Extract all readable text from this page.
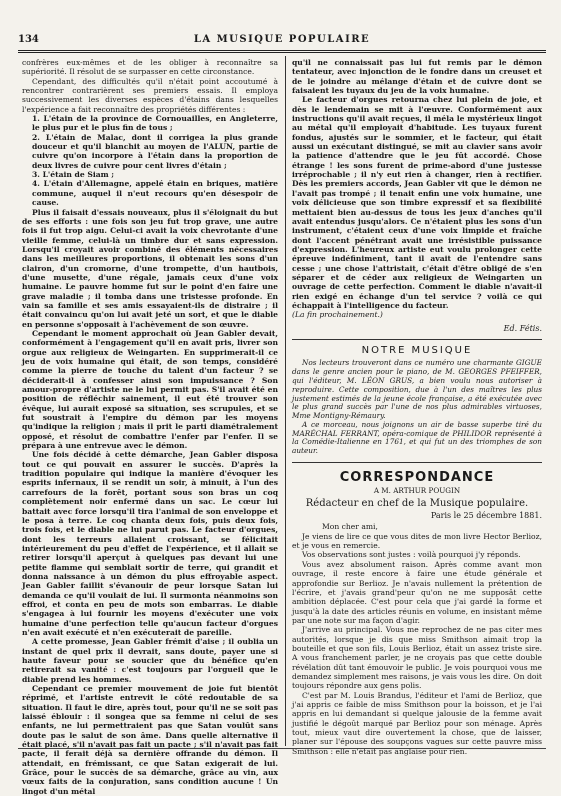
134	LA MUSIQUE POPULAIRE

confrères eux-mêmes et de les obliger à reconnaître sa supériorité. Il résolut de se surpasser en cette circonstance.

Cependant, des difficultés qu'il n'était point accoutumé à rencontrer contrarièrent ses premiers essais. Il employa successivement les diverses espèces d'étains dans lesquelles l'expérience a fait reconnaître des propriétés différentes :

1. L'étain de la province de Cornouailles, en Angleterre, le plus pur et le plus fin de tous ;

2. L'étain de Malac, dont il corrigea la plus grande douceur et qu'il blanchit au moyen de l'ALUN, partie de cuivre qu'on incorpore à l'étain dans la proportion de deux livres de cuivre pour cent livres d'étain ;

3. L'étain de Siam ;

4. L'étain d'Allemagne, appelé étain en briques, matière commune, auquel il n'eut recours qu'en désespoir de cause.

Plus il faisait d'essais nouveaux, plus il s'éloignait du but de ses efforts : une fois son jeu fut trop grave, une autre fois il fut trop aigu. Celui-ci avait la voix chevrotante d'une vieille femme, celui-là un timbre dur et sans expression. Lorsqu'il croyait avoir combiné des éléments nécessaires dans les meilleures proportions, il obtenait les sons d'un clairon, d'un cromorne, d'une trompette, d'un hautbois, d'une musette, d'une régale, jamais ceux d'une voix humaine. Le pauvre homme fut sur le point d'en faire une grave maladie ; il tomba dans une tristesse profonde. En vain sa famille et ses amis essayaient-ils de distraire ; il était convaincu qu'on lui avait jeté un sort, et que le diable en personne s'opposait à l'achèvement de son œuvre.

Cependant le moment approchait où Jean Gabler devait, conformément à l'engagement qu'il en avait pris, livrer son orgue aux religieux de Weingarten. En supprimerait-il ce jeu de voix humaine qui était, de son temps, considéré comme la pierre de touche du talent d'un facteur ? se déciderait-il à confesser ainsi son impuissance ? Son amour-propre d'artiste ne le lui permit pas. S'il avait été en position de réfléchir sainement, il eut été trouver son évêque, lui aurait exposé sa situation, ses scrupules, et se fut soustrait à l'empire du démon par les moyens qu'indique la religion ; mais il prit le parti diamétralement opposé, et résolut de combattre l'enfer par l'enfer. Il se prépara à une entrevue avec le démon.

Une fois décidé à cette démarche, Jean Gabler disposa tout ce qui pouvait en assurer le succès. D'après la tradition populaire qui indique la manière d'évoquer les esprits infernaux, il se rendit un soir, à minuit, à l'un des carrefours de la forêt, portant sous son bras un coq complètement noir enfermé dans un sac. Le cœur lui battait avec force lorsqu'il tira l'animal de son enveloppe et le posa à terre. Le coq chanta deux fois, puis deux fois, trois fois, et le diable ne lui parut pas. Le facteur d'orgues, dont les terreurs allaient croissant, se félicitait intérieurement du peu d'effet de l'expérience, et il allait se retirer lorsqu'il aperçut à quelques pas devant lui une petite flamme qui semblait sortir de terre, qui grandit et donna naissance à un démon du plus effroyable aspect. Jean Gabler faillit s'évanouir de peur lorsque Satan lui demanda ce qu'il voulait de lui. Il surmonta néanmoins son effroi, et conta en peu de mots son embarras. Le diable s'engagea à lui fournir les moyens d'exécuter une voix humaine d'une perfection telle qu'aucun facteur d'orgues n'en avait exécuté et n'en exécuterait de pareille.

A cette promesse, Jean Gabler frémit d'aise ; il oublia un instant de quel prix il devrait, sans doute, payer une si haute faveur pour se soucier que du bénéfice qu'en retirerait sa vanité : c'est toujours par l'orgueil que le diable prend les hommes.

Cependant ce premier mouvement de joie fut bientôt réprimé, et l'artiste entrevit le côté redoutable de sa situation. Il faut le dire, après tout, pour qu'il ne se soit pas laissé éblouir : il songea que sa femme ni celui de ses enfants, ne lui permettraient pas que Satan voulût sans doute pas le salut de son âme. Dans quelle alternative il était placé, s'il n'avait pas fait un pacte ; s'il n'avait pas fait pacte, il ferait déjà sa dernière offrande du démon. Il attendait, en frémissant, ce que Satan exigerait de lui. Grâce, pour le succès de sa démarche, grâce au vin, aux vœux faits de la conjuration, sans condition aucune ! Un lingot d'un métal

qu'il ne connaissait pas lui fut remis par le démon tentateur, avec injonction de le fondre dans un creuset et de le joindre au mélange d'étain et de cuivre dont se faisaient les tuyaux du jeu de la voix humaine.

Le facteur d'orgues retourna chez lui plein de joie, et dès le lendemain se mit à l'œuvre. Conformément aux instructions qu'il avait reçues, il méla le mystérieux lingot au métal qu'il employait d'habitude. Les tuyaux furent fondus, ajustés sur le sommier, et le facteur, qui était aussi un exécutant distingué, se mit au clavier sans avoir la patience d'attendre que le jeu fût accordé. Chose étrange ! les sons furent de prime-abord d'une justesse irréprochable ; il n'y eut rien à changer, rien à rectifier. Dès les premiers accords, Jean Gabler vit que le démon ne l'avait pas trompé ; il tenait enfin une voix humaine, une voix délicieuse que son timbre expressif et sa flexibilité mettaient bien au-dessus de tous les jeux d'anches qu'il avait entendus jusqu'alors. Ce n'étaient plus les sons d'un instrument, c'étaient ceux d'une voix limpide et fraîche dont l'accent pénétrant avait une irrésistible puissance d'expression. L'heureux artiste eut voulu prolonger cette épreuve indéfiniment, tant il avait de l'entendre sans cesse ; une chose l'attristait, c'était d'être obligé de s'en séparer et de céder aux religieux de Weingarten un ouvrage de cette perfection. Comment le diable n'avait-il rien exigé en échange d'un tel service ? voilà ce qui échappait à l'intelligence du facteur.

(La fin prochainement.)

Ed. Fétis.
NOTRE MUSIQUE

Nos lecteurs trouveront dans ce numéro une charmante GIGUE dans le genre ancien pour le piano, de M. GEORGES PFEIFFER, qui l'éditeur, M. LÉON GRUS, a bien voulu nous autoriser à reproduire. Cette composition, due à l'un des maîtres les plus justement estimés de la jeune école française, a été exécutée avec le plus grand succès par l'une de nos plus admirables virtuoses, Mme Montigny-Rémaury.

A ce morceau, nous joignons un air de basse superbe tiré du MARÉCHAL FERRANT, opéra-comique de PHILIDOR représenté à la Comédie-Italienne en 1761, et qui fut un des triomphes de son auteur.

CORRESPONDANCE
A M. ARTHUR POUGIN
Rédacteur en chef de la Musique populaire.
Paris le 25 décembre 1881.

Mon cher ami,

Je viens de lire ce que vous dites de mon livre Hector Berlioz, et je vous en remercie.

Vos observations sont justes : voilà pourquoi j'y réponds.

Vous avez absolument raison. Après comme avant mon ouvrage, il reste encore à faire une étude générale et approfondie sur Berlioz. Je n'avais nullement la prétention de l'écrire, et j'avais grand'peur qu'on ne me supposât cette ambition déplacée. C'est pour cela que j'ai gardé la forme et jusqu'à la date des articles réunis en volume, en insistant même par une note sur ma façon d'agir.

J'arrive au principal. Vous me reprochez de ne pas citer mes autorités, lorsque je dis que miss Smithson aimait trop la bouteille et que son fils, Louis Berlioz, était un assez triste sire. A vous franchement parler, je ne croyais pas que cette double révélation dût tant émouvoir le public. Je vois pourquoi vous me demandez simplement mes raisons, je vais vous les dire. On doit toujours répondre aux gens polis.

C'est par M. Louis Brandus, l'éditeur et l'ami de Berlioz, que j'ai appris ce faible de miss Smithson pour la boisson, et je l'ai appris en lui demandant si quelque jalousie de la femme avait justifié le dégoût marqué par Berlioz pour son ménage. Après tout, mieux vaut dire ouvertement la chose, que de laisser, planer sur l'épouse des soupçons vagues sur cette pauvre miss Smithson : elle n'était pas anglaise pour rien.
